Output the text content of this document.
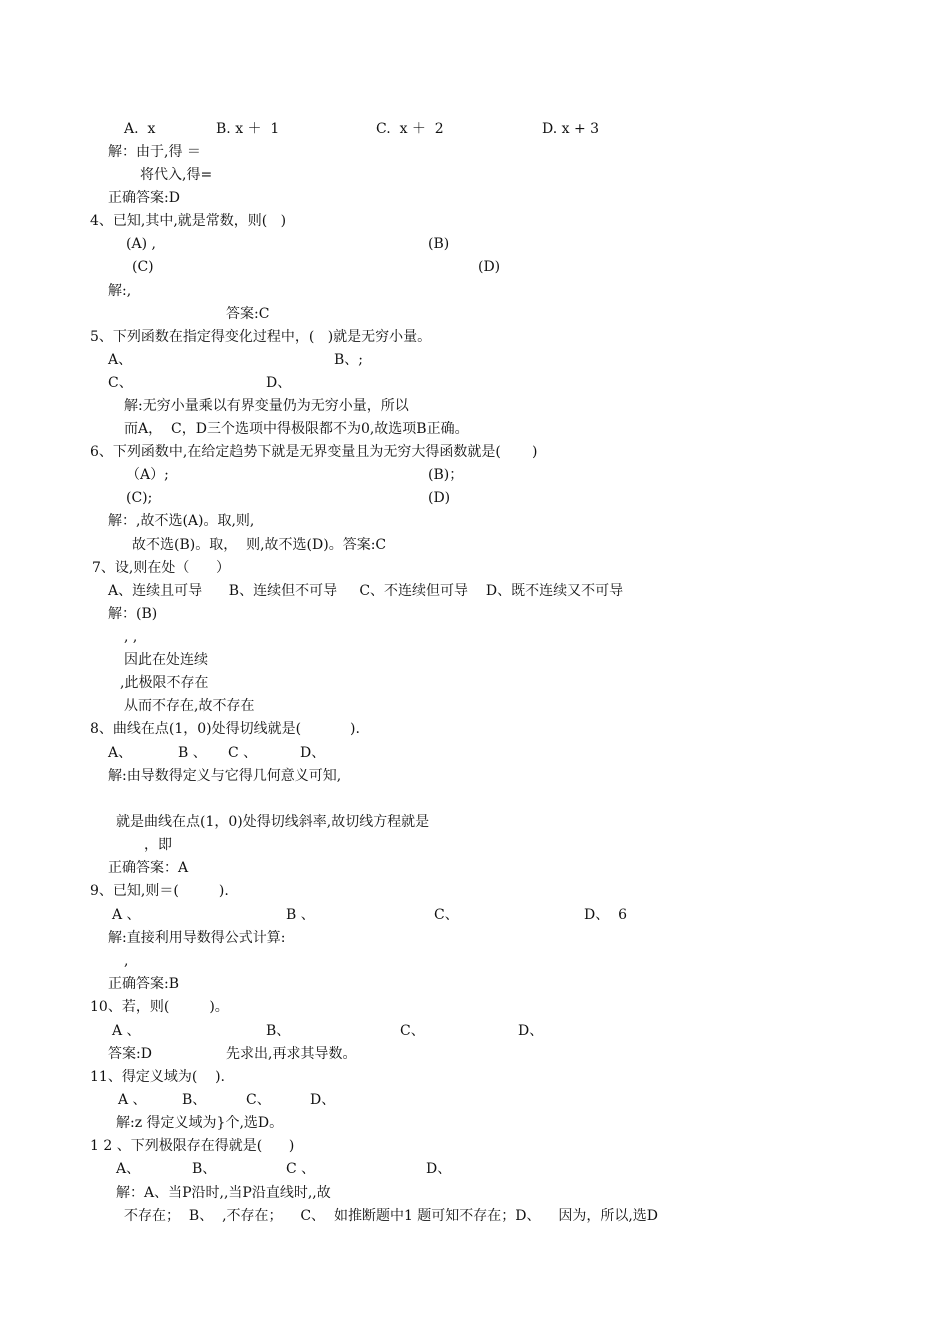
A.  x	B. x ＋  1	C.  x ＋  2	D. x + 3
解：由于,得 ＝
将代入,得=
正确答案:D
4、已知,其中,就是常数，则(   )
(A) ,	(B)
(C)	(D)
解:,
答案:C
5、下列函数在指定得变化过程中，(   )就是无穷小量。
A、	B、;
C、	D、
解:无穷小量乘以有界变量仍为无穷小量，所以
而A，  C，D三个选项中得极限都不为0,故选项B正确。
6、下列函数中,在给定趋势下就是无界变量且为无穷大得函数就是(       )
（A）;	(B)；
(C);	(D)
解：,故不选(A)。取,则,
故不选(B)。取，  则,故不选(D)。答案:C
7、设,则在处（      ）
A、连续且可导      B、连续但不可导     C、不连续但可导    D、既不连续又不可导
解：(B)
, ,
因此在处连续
,此极限不存在
从而不存在,故不存在
8、曲线在点(1，0)处得切线就是(           ).
A、	B 、 C 、	D、
解:由导数得定义与它得几何意义可知,
就是曲线在点(1，0)处得切线斜率,故切线方程就是
，即
正确答案：A
9、已知,则＝(         ).
A 、	B 、	C、	D、  6
解:直接利用导数得公式计算:
,
正确答案:B
10、若，则(         )。
A 、	B、	C、	D、
答案:D	先求出,再求其导数。
11、得定义域为(    ).
A 、	B、	C、	D、
解:z 得定义域为}个,选D。
1 2 、下列极限存在得就是(      )
A、	B、	C 、	D、
解：A、当P沿时,,当P沿直线时,,故
不存在；  B、  ,不存在；    C、  如推断题中1 题可知不存在；D、    因为，所以,选D
